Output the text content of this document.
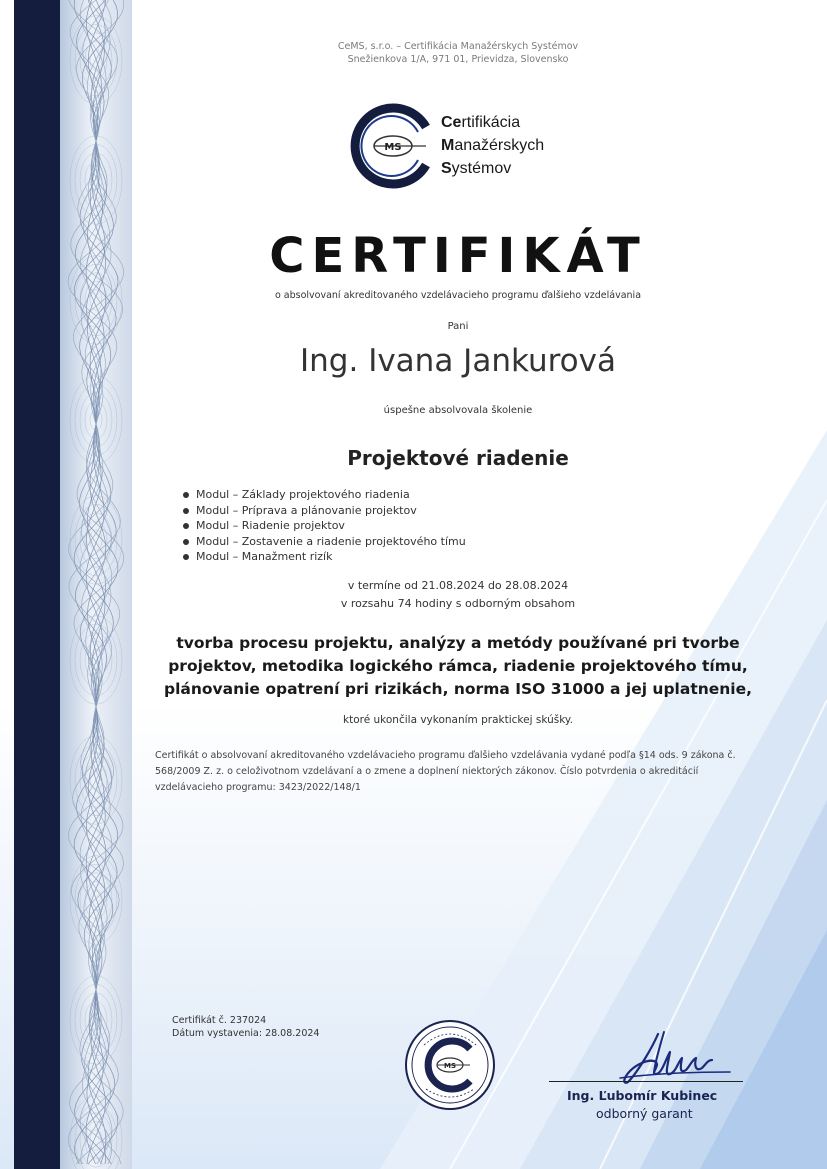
CeMS, s.r.o. – Certifikácia Manažérskych Systémov
Snežienkova 1/A, 971 01, Prievidza, Slovensko
MS
Certifikácia
Manažérskych
Systémov
CERTIFIKÁT
o absolvovaní akreditovaného vzdelávacieho programu ďalšieho vzdelávania
Pani
Ing. Ivana Jankurová
úspešne absolvovala školenie
Projektové riadenie
Modul – Základy projektového riadenia
Modul – Príprava a plánovanie projektov
Modul – Riadenie projektov
Modul – Zostavenie a riadenie projektového tímu
Modul – Manažment rizík
v termíne od 21.08.2024 do 28.08.2024
v rozsahu 74 hodiny s odborným obsahom
tvorba procesu projektu, analýzy a metódy používané pri tvorbe
projektov, metodika logického rámca, riadenie projektového tímu,
plánovanie opatrení pri rizikách, norma ISO 31000 a jej uplatnenie,
ktoré ukončila vykonaním praktickej skúšky.
Certifikát o absolvovaní akreditovaného vzdelávacieho programu ďalšieho vzdelávania vydané podľa §14 ods. 9 zákona č. 568/2009 Z. z. o celoživotnom vzdelávaní a o zmene a doplnení niektorých zákonov. Číslo potvrdenia o akreditácií vzdelávacieho programu: 3423/2022/148/1
Certifikát č. 237024
Dátum vystavenia: 28.08.2024
MS
Ing. Ľubomír Kubinec
odborný garant
